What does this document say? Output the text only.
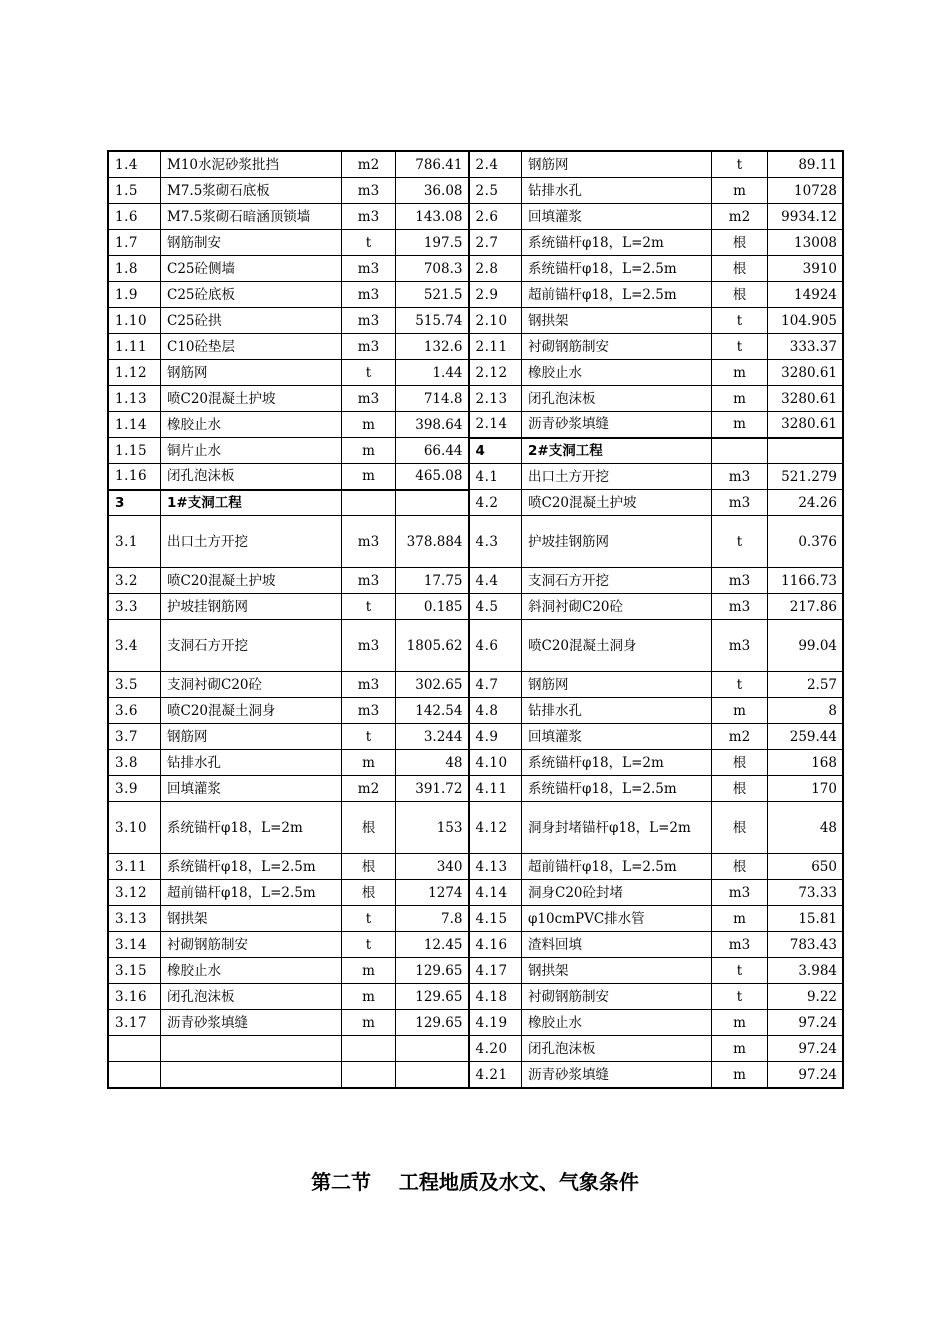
1.4	M10水泥砂浆批挡	m2	786.41	2.4	钢筋网	t	89.11
1.5	M7.5浆砌石底板	m3	36.08	2.5	钻排水孔	m	10728
1.6	M7.5浆砌石暗涵顶锁墙	m3	143.08	2.6	回填灌浆	m2	9934.12
1.7	钢筋制安	t	197.5	2.7	系统锚杆φ18，L=2m	根	13008
1.8	C25砼侧墙	m3	708.3	2.8	系统锚杆φ18，L=2.5m	根	3910
1.9	C25砼底板	m3	521.5	2.9	超前锚杆φ18，L=2.5m	根	14924
1.10	C25砼拱	m3	515.74	2.10	钢拱架	t	104.905
1.11	C10砼垫层	m3	132.6	2.11	衬砌钢筋制安	t	333.37
1.12	钢筋网	t	1.44	2.12	橡胶止水	m	3280.61
1.13	喷C20混凝土护坡	m3	714.8	2.13	闭孔泡沫板	m	3280.61
1.14	橡胶止水	m	398.64	2.14	沥青砂浆填缝	m	3280.61
1.15	铜片止水	m	66.44	4	2#支洞工程		
1.16	闭孔泡沫板	m	465.08	4.1	出口土方开挖	m3	521.279
3	1#支洞工程			4.2	喷C20混凝土护坡	m3	24.26
3.1	出口土方开挖	m3	378.884	4.3	护坡挂钢筋网	t	0.376
3.2	喷C20混凝土护坡	m3	17.75	4.4	支洞石方开挖	m3	1166.73
3.3	护坡挂钢筋网	t	0.185	4.5	斜洞衬砌C20砼	m3	217.86
3.4	支洞石方开挖	m3	1805.62	4.6	喷C20混凝土洞身	m3	99.04
3.5	支洞衬砌C20砼	m3	302.65	4.7	钢筋网	t	2.57
3.6	喷C20混凝土洞身	m3	142.54	4.8	钻排水孔	m	8
3.7	钢筋网	t	3.244	4.9	回填灌浆	m2	259.44
3.8	钻排水孔	m	48	4.10	系统锚杆φ18，L=2m	根	168
3.9	回填灌浆	m2	391.72	4.11	系统锚杆φ18，L=2.5m	根	170
3.10	系统锚杆φ18，L=2m	根	153	4.12	洞身封堵锚杆φ18，L=2m	根	48
3.11	系统锚杆φ18，L=2.5m	根	340	4.13	超前锚杆φ18，L=2.5m	根	650
3.12	超前锚杆φ18，L=2.5m	根	1274	4.14	洞身C20砼封堵	m3	73.33
3.13	钢拱架	t	7.8	4.15	φ10cmPVC排水管	m	15.81
3.14	衬砌钢筋制安	t	12.45	4.16	渣料回填	m3	783.43
3.15	橡胶止水	m	129.65	4.17	钢拱架	t	3.984
3.16	闭孔泡沫板	m	129.65	4.18	衬砌钢筋制安	t	9.22
3.17	沥青砂浆填缝	m	129.65	4.19	橡胶止水	m	97.24
				4.20	闭孔泡沫板	m	97.24
				4.21	沥青砂浆填缝	m	97.24
第二节    工程地质及水文、气象条件
